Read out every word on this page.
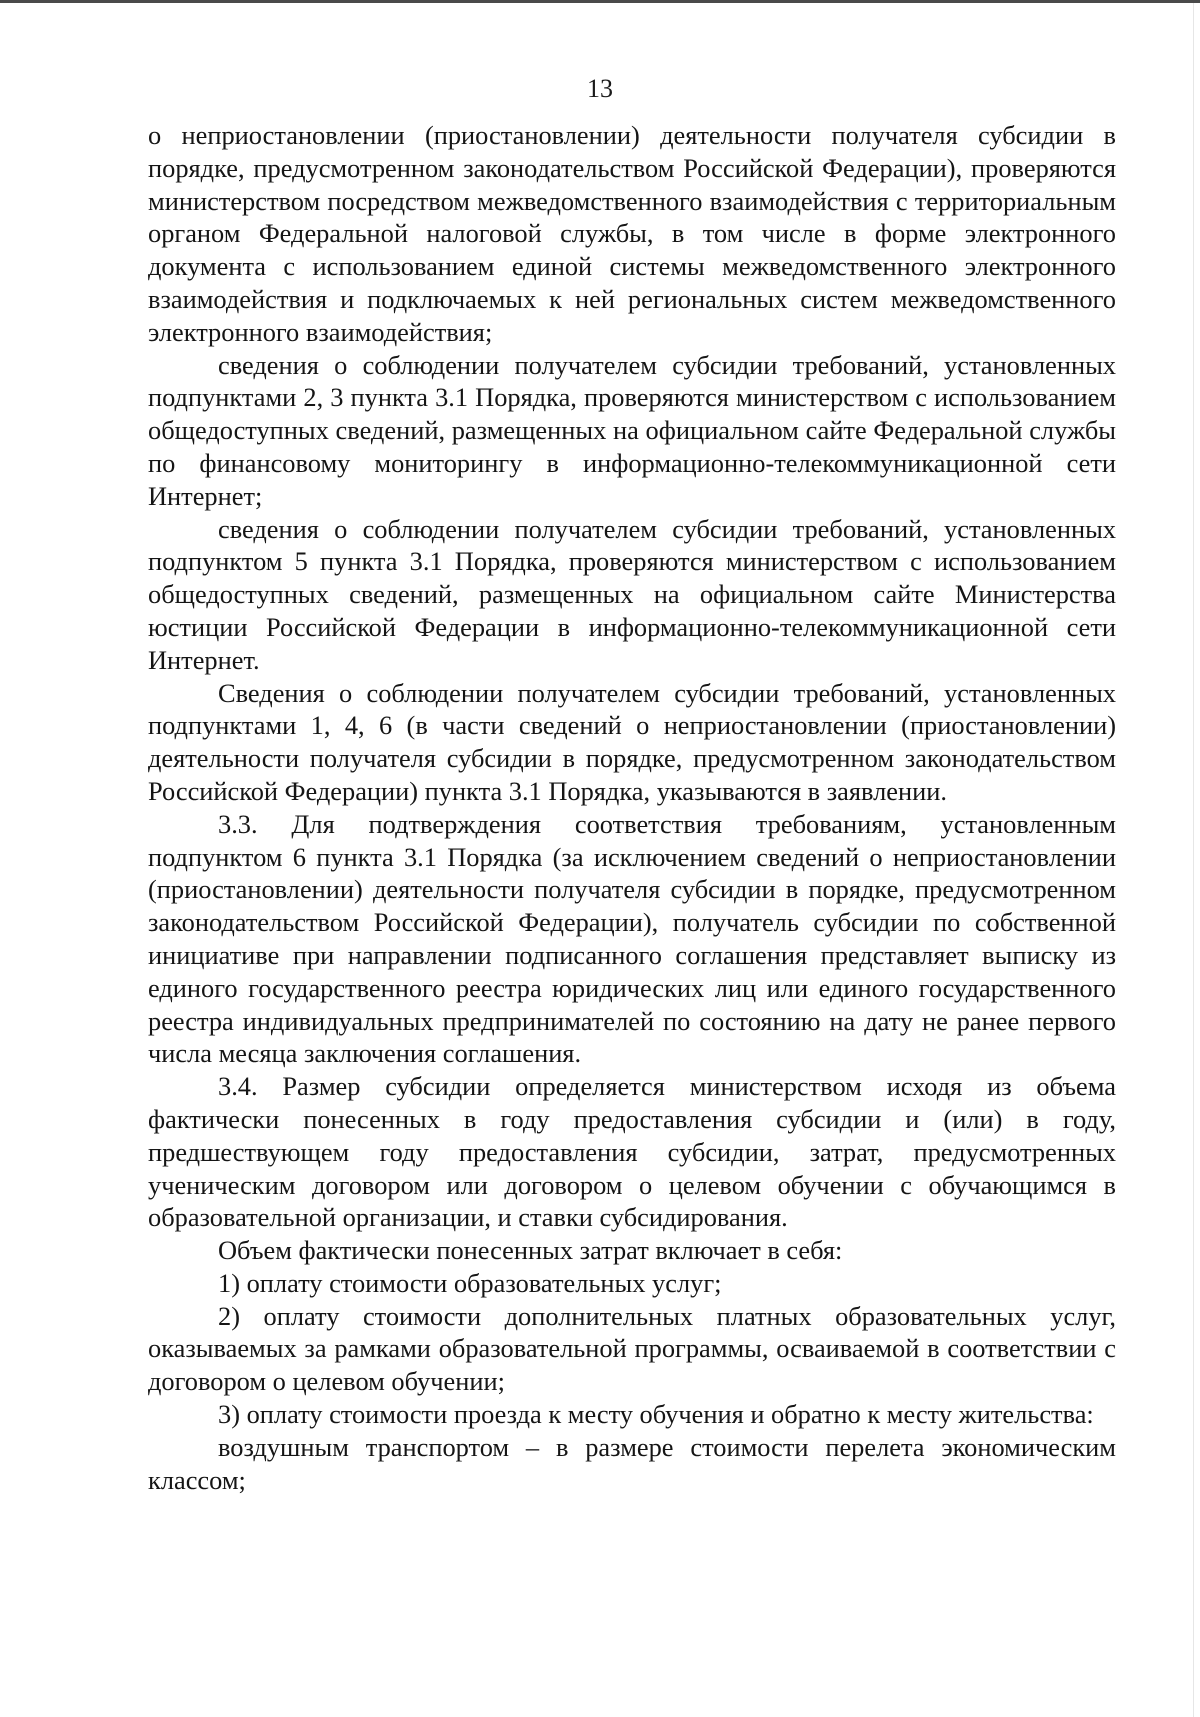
13

о неприостановлении (приостановлении) деятельности получателя субсидии в порядке, предусмотренном законодательством Российской Федерации), проверяются министерством посредством межведомственного взаимодействия с территориальным органом Федеральной налоговой службы, в том числе в форме электронного документа с использованием единой системы межведомственного электронного взаимодействия и подключаемых к ней региональных систем межведомственного электронного взаимодействия;

сведения о соблюдении получателем субсидии требований, установленных подпунктами 2, 3 пункта 3.1 Порядка, проверяются министерством с использованием общедоступных сведений, размещенных на официальном сайте Федеральной службы по финансовому мониторингу в информационно-телекоммуникационной сети Интернет;

сведения о соблюдении получателем субсидии требований, установленных подпунктом 5 пункта 3.1 Порядка, проверяются министерством с использованием общедоступных сведений, размещенных на официальном сайте Министерства юстиции Российской Федерации в информационно-телекоммуникационной сети Интернет.

Сведения о соблюдении получателем субсидии требований, установленных подпунктами 1, 4, 6 (в части сведений о неприостановлении (приостановлении) деятельности получателя субсидии в порядке, предусмотренном законодательством Российской Федерации) пункта 3.1 Порядка, указываются в заявлении.

3.3. Для подтверждения соответствия требованиям, установленным подпунктом 6 пункта 3.1 Порядка (за исключением сведений о неприостановлении (приостановлении) деятельности получателя субсидии в порядке, предусмотренном законодательством Российской Федерации), получатель субсидии по собственной инициативе при направлении подписанного соглашения представляет выписку из единого государственного реестра юридических лиц или единого государственного реестра индивидуальных предпринимателей по состоянию на дату не ранее первого числа месяца заключения соглашения.

3.4. Размер субсидии определяется министерством исходя из объема фактически понесенных в году предоставления субсидии и (или) в году, предшествующем году предоставления субсидии, затрат, предусмотренных ученическим договором или договором о целевом обучении с обучающимся в образовательной организации, и ставки субсидирования.

Объем фактически понесенных затрат включает в себя:

1) оплату стоимости образовательных услуг;

2) оплату стоимости дополнительных платных образовательных услуг, оказываемых за рамками образовательной программы, осваиваемой в соответствии с договором о целевом обучении;

3) оплату стоимости проезда к месту обучения и обратно к месту жительства:

воздушным транспортом – в размере стоимости перелета экономическим классом;
